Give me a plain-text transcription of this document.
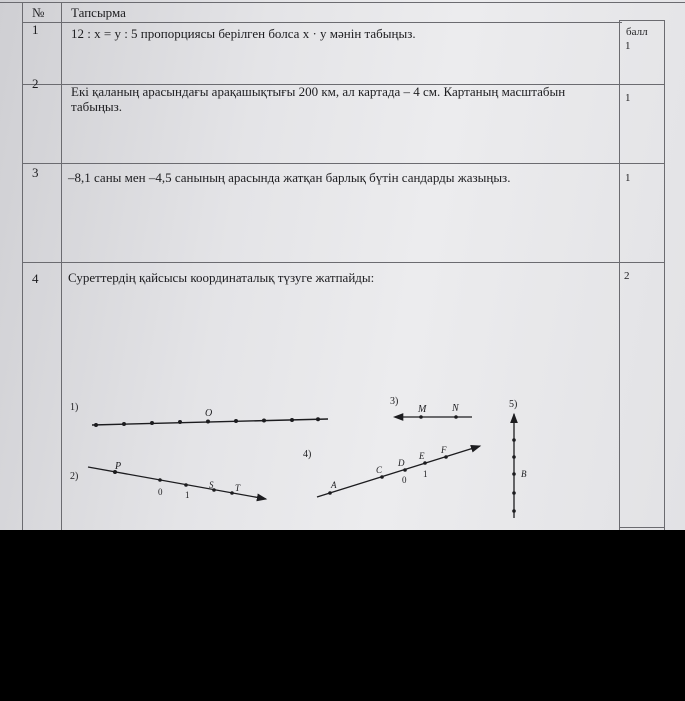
№ Тапсырма
балл
1	12 : x = y : 5 пропорциясы берілген болса x · y мәнін табыңыз.
1
2
Екі қаланың арасындағы арақашықтығы 200 км, ал картада – 4 см. Картаның масштабын табыңыз.
1
3 –8,1 саны мен –4,5 санының арасында жатқан барлық бүтін сандарды жазыңыз.	1
4 Суреттердің қайсысы координаталық түзуге жатпайды:	2
1)
O
2)
P
0	1
S T
3)
M	N
4)
A
C
D
E
F
0
1
5)
B
